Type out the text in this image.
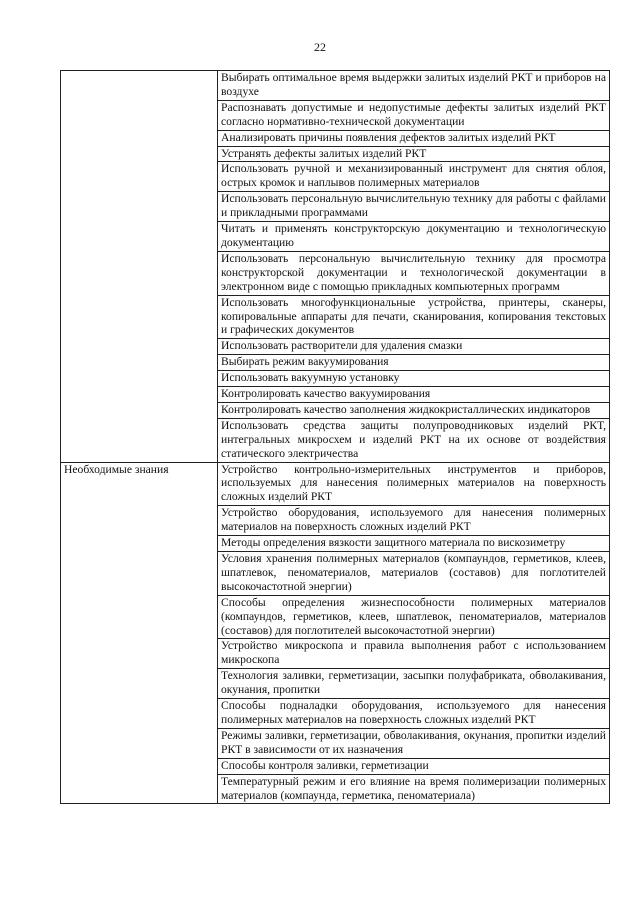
22
	Выбирать оптимальное время выдержки залитых изделий РКТ и приборов на воздухе
	Распознавать допустимые и недопустимые дефекты залитых изделий РКТ согласно нормативно-технической документации
	Анализировать причины появления дефектов залитых изделий РКТ
	Устранять дефекты залитых изделий РКТ
	Использовать ручной и механизированный инструмент для снятия облоя, острых кромок и наплывов полимерных материалов
	Использовать персональную вычислительную технику для работы с файлами и прикладными программами
	Читать и применять конструкторскую документацию и технологическую документацию
	Использовать персональную вычислительную технику для просмотра конструкторской документации и технологической документации в электронном виде с помощью прикладных компьютерных программ
	Использовать многофункциональные устройства, принтеры, сканеры, копировальные аппараты для печати, сканирования, копирования текстовых и графических документов
	Использовать растворители для удаления смазки
	Выбирать режим вакуумирования
	Использовать вакуумную установку
	Контролировать качество вакуумирования
	Контролировать качество заполнения жидкокристаллических индикаторов
	Использовать средства защиты полупроводниковых изделий РКТ, интегральных микросхем и изделий РКТ на их основе от воздействия статического электричества
Необходимые знания	Устройство контрольно-измерительных инструментов и приборов, используемых для нанесения полимерных материалов на поверхность сложных изделий РКТ
	Устройство оборудования, используемого для нанесения полимерных материалов на поверхность сложных изделий РКТ
	Методы определения вязкости защитного материала по вискозиметру
	Условия хранения полимерных материалов (компаундов, герметиков, клеев, шпатлевок, пеноматериалов, материалов (составов) для поглотителей высокочастотной энергии)
	Способы определения жизнеспособности полимерных материалов (компаундов, герметиков, клеев, шпатлевок, пеноматериалов, материалов (составов) для поглотителей высокочастотной энергии)
	Устройство микроскопа и правила выполнения работ с использованием микроскопа
	Технология заливки, герметизации, засыпки полуфабриката, обволакивания, окунания, пропитки
	Способы подналадки оборудования, используемого для нанесения полимерных материалов на поверхность сложных изделий РКТ
	Режимы заливки, герметизации, обволакивания, окунания, пропитки изделий РКТ в зависимости от их назначения
	Способы контроля заливки, герметизации
	Температурный режим и его влияние на время полимеризации полимерных материалов (компаунда, герметика, пеноматериала)
